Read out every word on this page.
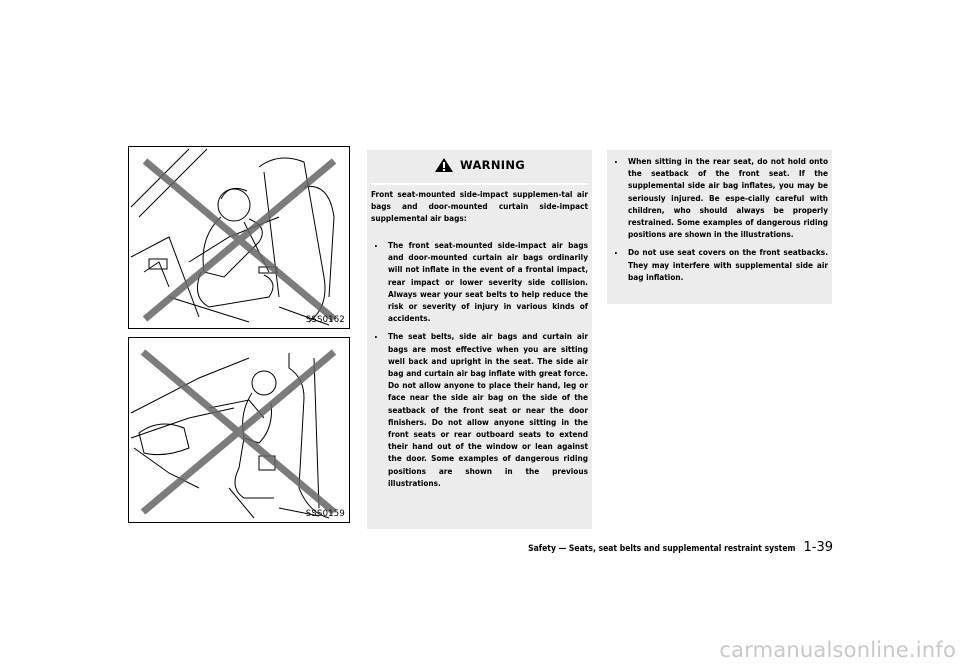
SSS0162
SSS0159
WARNING

Front seat-mounted side-impact supplemen-tal air bags and door-mounted curtain side-impact supplemental air bags:

. The front seat-mounted side-impact air bags and door-mounted curtain air bags ordinarily will not inflate in the event of a frontal impact, rear impact or lower severity side collision. Always wear your seat belts to help reduce the risk or severity of injury in various kinds of accidents.

. The seat belts, side air bags and curtain air bags are most effective when you are sitting well back and upright in the seat. The side air bag and curtain air bag inflate with great force. Do not allow anyone to place their hand, leg or face near the side air bag on the side of the seatback of the front seat or near the door finishers. Do not allow anyone sitting in the front seats or rear outboard seats to extend their hand out of the window or lean against the door. Some examples of dangerous riding positions are shown in the previous illustrations.

. When sitting in the rear seat, do not hold onto the seatback of the front seat. If the supplemental side air bag inflates, you may be seriously injured. Be espe-cially careful with children, who should always be properly restrained. Some examples of dangerous riding positions are shown in the illustrations.

. Do not use seat covers on the front seatbacks. They may interfere with supplemental side air bag inflation.

Safety — Seats, seat belts and supplemental restraint system 1-39
carmanualsonline.info
